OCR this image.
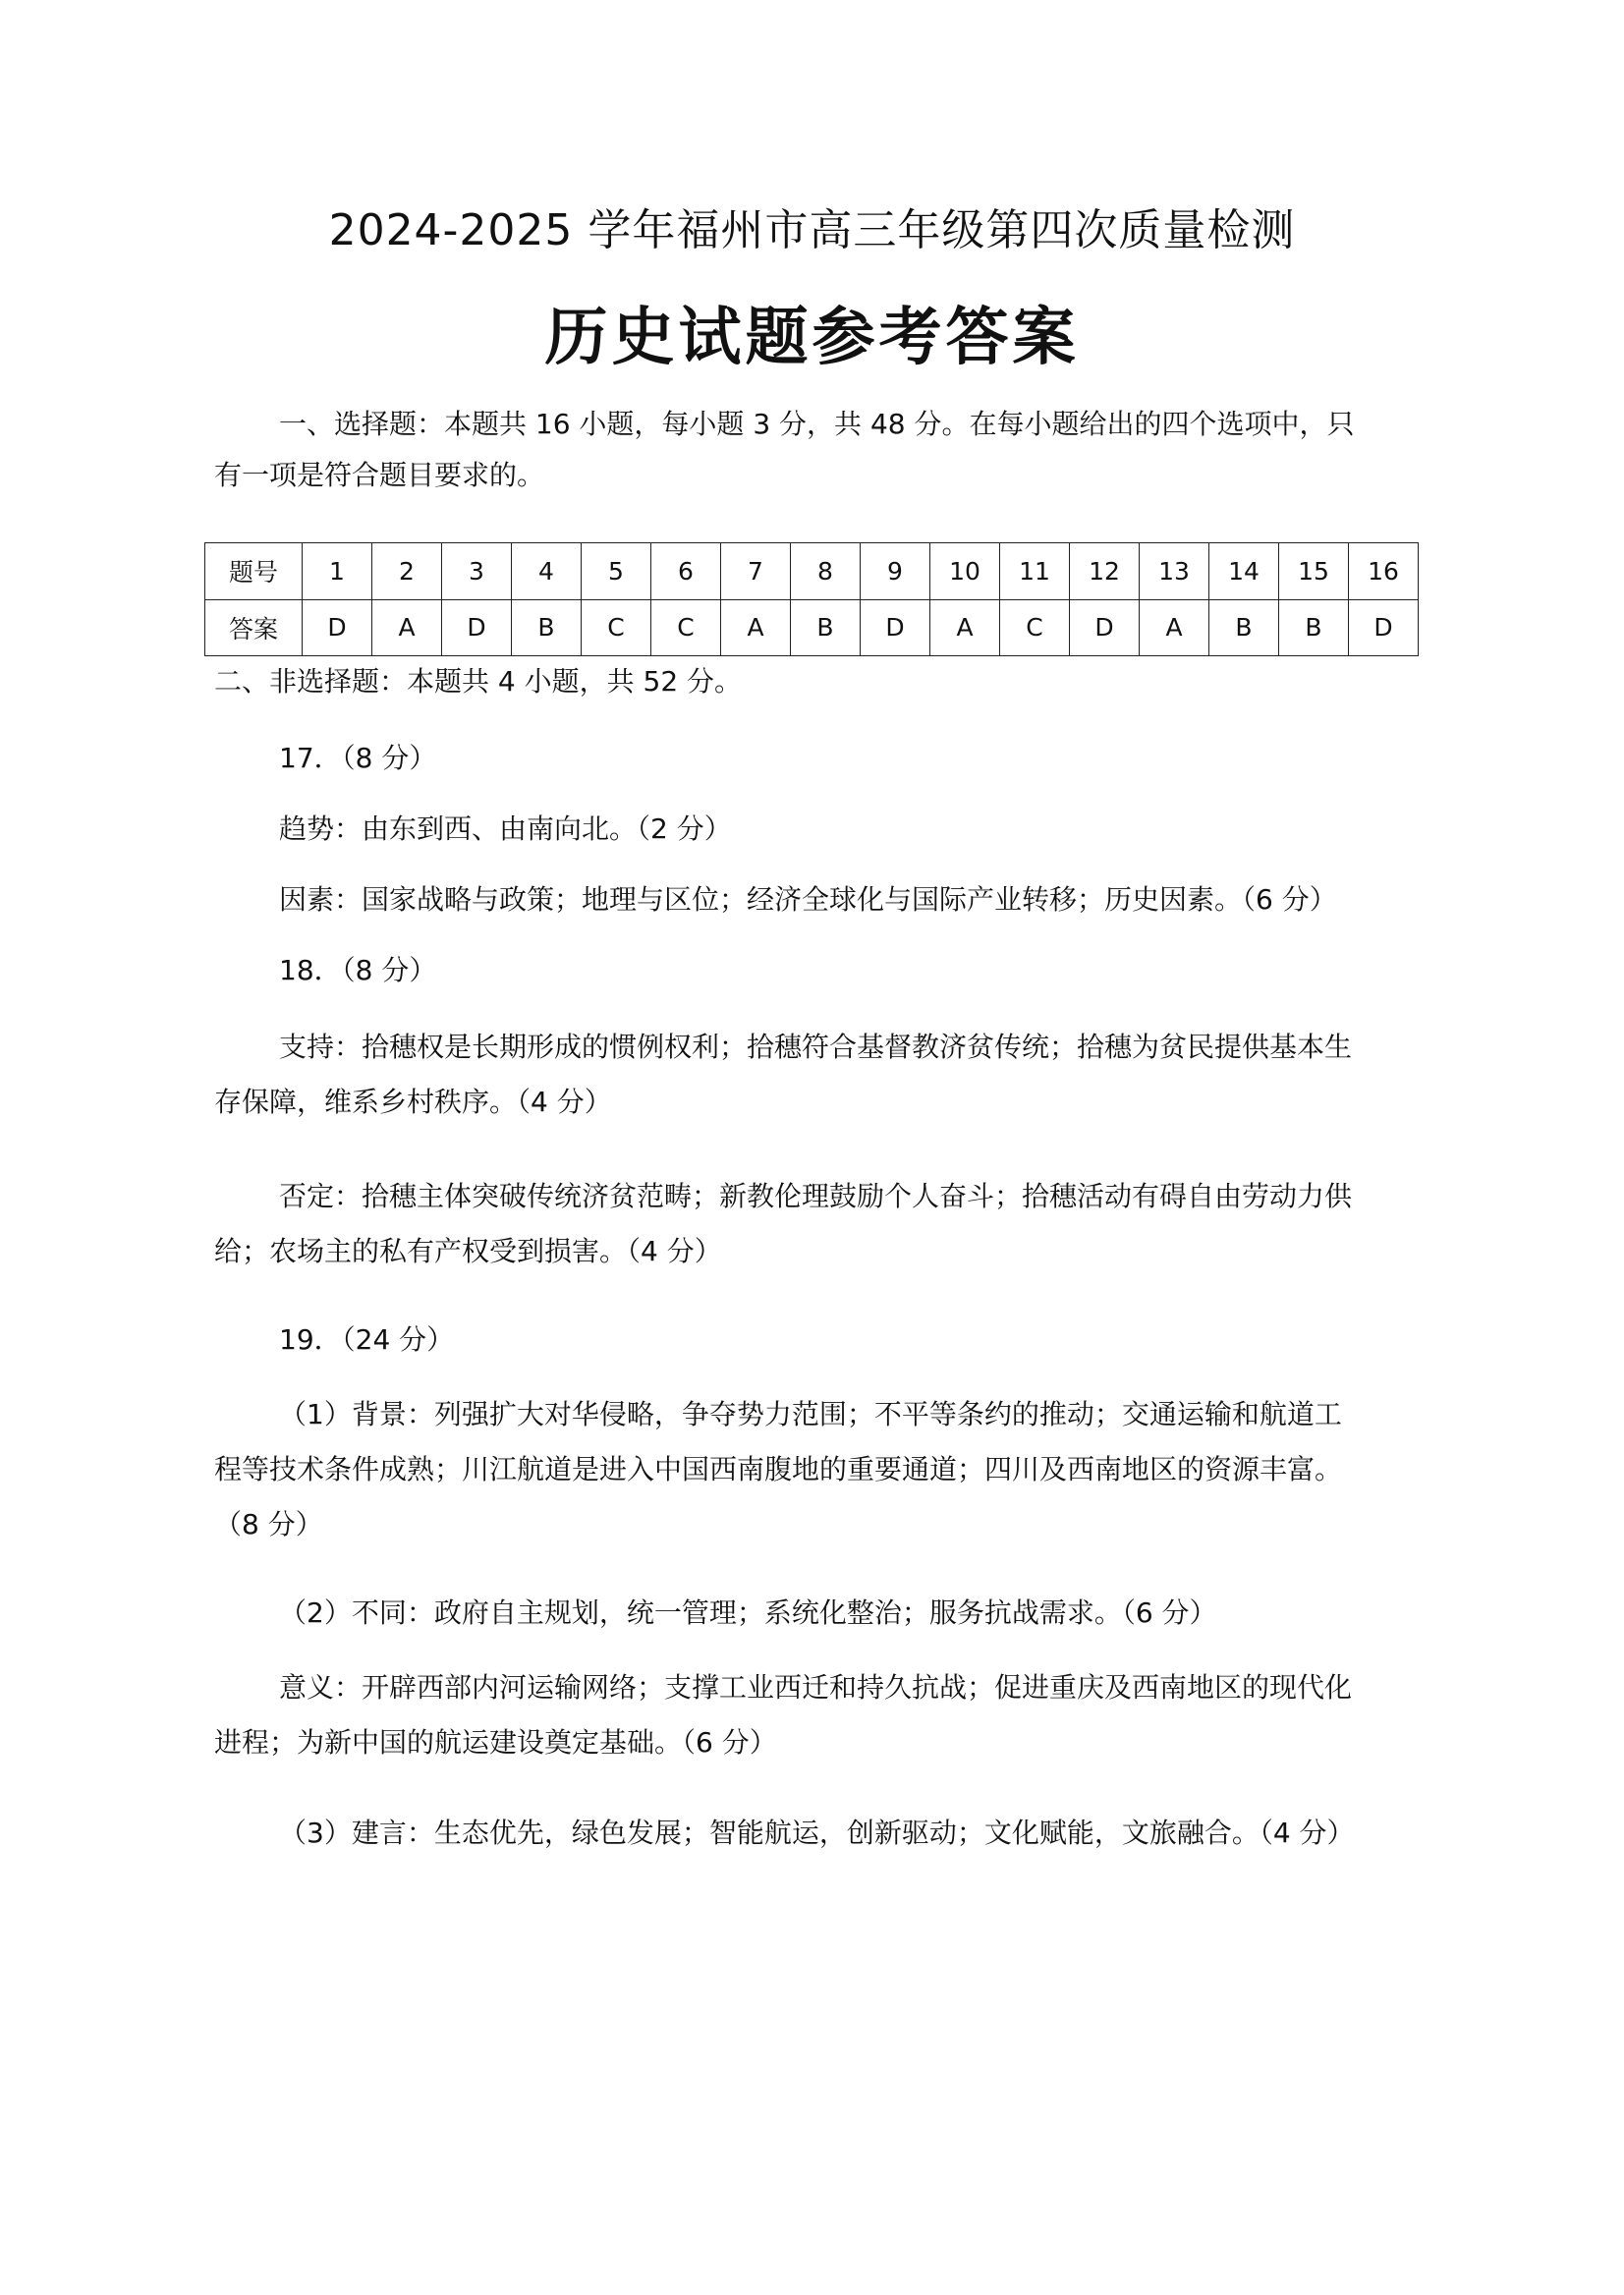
2024-2025 学年福州市高三年级第四次质量检测
历史试题参考答案
一、选择题：本题共 16 小题，每小题 3 分，共 48 分。在每小题给出的四个选项中，只
有一项是符合题目要求的。
题号	1	2	3	4	5	6	7	8	9	10	11	12	13	14	15	16
答案	D	A	D	B	C	C	A	B	D	A	C	D	A	B	B	D
二、非选择题：本题共 4 小题，共 52 分。
17．（8 分）
趋势：由东到西、由南向北。（2 分）
因素：国家战略与政策；地理与区位；经济全球化与国际产业转移；历史因素。（6 分）
18．（8 分）
支持：拾穗权是长期形成的惯例权利；拾穗符合基督教济贫传统；拾穗为贫民提供基本生
存保障，维系乡村秩序。（4 分）
否定：拾穗主体突破传统济贫范畴；新教伦理鼓励个人奋斗；拾穗活动有碍自由劳动力供
给；农场主的私有产权受到损害。（4 分）
19．（24 分）
（1）背景：列强扩大对华侵略，争夺势力范围；不平等条约的推动；交通运输和航道工
程等技术条件成熟；川江航道是进入中国西南腹地的重要通道；四川及西南地区的资源丰富。
（8 分）
（2）不同：政府自主规划，统一管理；系统化整治；服务抗战需求。（6 分）
意义：开辟西部内河运输网络；支撑工业西迁和持久抗战；促进重庆及西南地区的现代化
进程；为新中国的航运建设奠定基础。（6 分）
（3）建言：生态优先，绿色发展；智能航运，创新驱动；文化赋能，文旅融合。（4 分）
